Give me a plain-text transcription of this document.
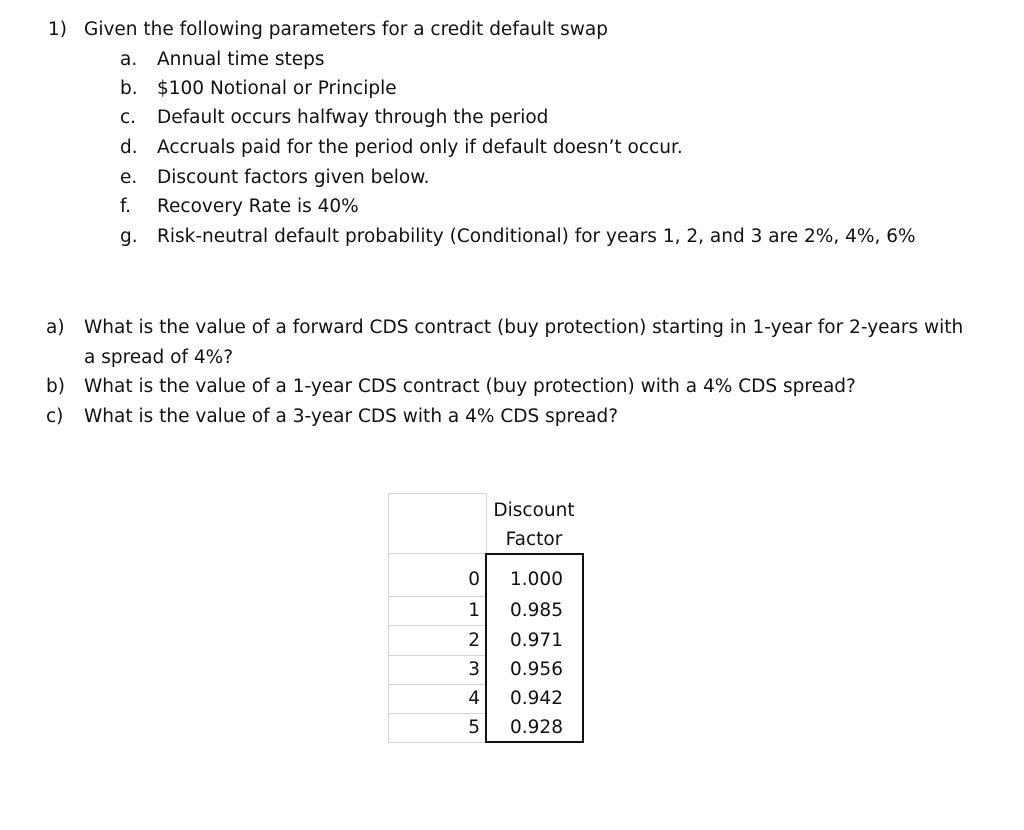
1) Given the following parameters for a credit default swap
a. Annual time steps
b. $100 Notional or Principle
c. Default occurs halfway through the period
d. Accruals paid for the period only if default doesn’t occur.
e. Discount factors given below.
f. Recovery Rate is 40%
g. Risk-neutral default probability (Conditional) for years 1, 2, and 3 are 2%, 4%, 6%
a) What is the value of a forward CDS contract (buy protection) starting in 1-year for 2-years with
a spread of 4%?
b) What is the value of a 1-year CDS contract (buy protection) with a 4% CDS spread?
c) What is the value of a 3-year CDS with a 4% CDS spread?
Discount
Factor
0 1.000
1 0.985
2 0.971
3 0.956
4 0.942
5 0.928
